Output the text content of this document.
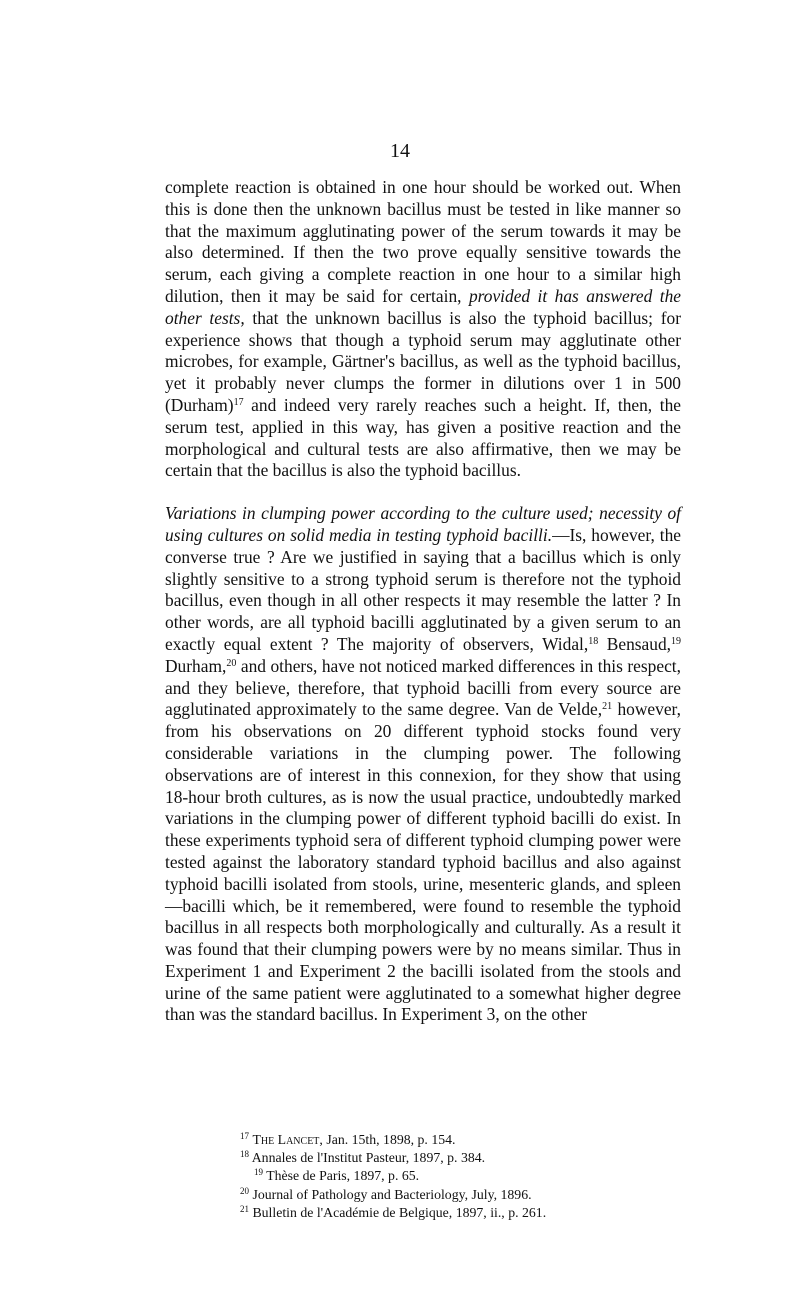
14

complete reaction is obtained in one hour should be worked out. When this is done then the unknown bacillus must be tested in like manner so that the maximum agglutinating power of the serum towards it may be also determined. If then the two prove equally sensitive towards the serum, each giving a complete reaction in one hour to a similar high dilution, then it may be said for certain, provided it has answered the other tests, that the unknown bacillus is also the typhoid bacillus; for experience shows that though a typhoid serum may agglutinate other microbes, for example, Gärtner's bacillus, as well as the typhoid bacillus, yet it probably never clumps the former in dilutions over 1 in 500 (Durham)$^{17}$ and indeed very rarely reaches such a height. If, then, the serum test, applied in this way, has given a positive reaction and the morphological and cultural tests are also affirmative, then we may be certain that the bacillus is also the typhoid bacillus.

Variations in clumping power according to the culture used; necessity of using cultures on solid media in testing typhoid bacilli.—Is, however, the converse true ? Are we justified in saying that a bacillus which is only slightly sensitive to a strong typhoid serum is therefore not the typhoid bacillus, even though in all other respects it may resemble the latter ? In other words, are all typhoid bacilli agglutinated by a given serum to an exactly equal extent ? The majority of observers, Widal,$^{18}$ Bensaud,$^{19}$ Durham,$^{20}$ and others, have not noticed marked differences in this respect, and they believe, therefore, that typhoid bacilli from every source are agglutinated approximately to the same degree. Van de Velde,$^{21}$ however, from his observations on 20 different typhoid stocks found very considerable variations in the clumping power. The following observations are of interest in this connexion, for they show that using 18-hour broth cultures, as is now the usual practice, undoubtedly marked variations in the clumping power of different typhoid bacilli do exist. In these experiments typhoid sera of different typhoid clumping power were tested against the laboratory standard typhoid bacillus and also against typhoid bacilli isolated from stools, urine, mesenteric glands, and spleen—bacilli which, be it remembered, were found to resemble the typhoid bacillus in all respects both morphologically and culturally. As a result it was found that their clumping powers were by no means similar. Thus in Experiment 1 and Experiment 2 the bacilli isolated from the stools and urine of the same patient were agglutinated to a somewhat higher degree than was the standard bacillus. In Experiment 3, on the other

$^{17}$ The Lancet, Jan. 15th, 1898, p. 154.
$^{18}$ Annales de l'Institut Pasteur, 1897, p. 384.
$^{19}$ Thèse de Paris, 1897, p. 65.
$^{20}$ Journal of Pathology and Bacteriology, July, 1896.
$^{21}$ Bulletin de l'Académie de Belgique, 1897, ii., p. 261.
